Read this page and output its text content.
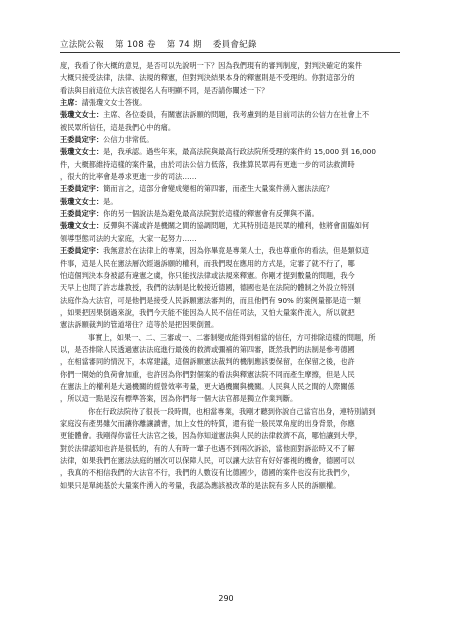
立法院公報 第 108 卷 第 74 期 委員會紀錄
度，我看了你大概的意見，是否可以先說明一下？因為我們現有的審判制度，對判決確定的案件
大概只接受法律，法律、法規的釋憲，但對判決結果本身的釋憲則是不受理的。你對這部分的
看法與目前這位大法官被提名人有明顯不同，是否請你闡述一下？
主席：請張瓊文女士答復。
張瓊文女士：主席、各位委員，有關憲法訴願的問題，我考慮到的是目前司法的公信力在社會上不
被民眾所信任，這是我們心中的痛。
王委員定宇：公信力非常低。
張瓊文女士：是，我承認。過些年來，最高法院與最高行政法院所受理的案件約 15,000 到 16,000
件，大概都維持這樣的案件量，由於司法公信力低落，我推算民眾再有更進一步的司法救濟時
，很大的比率會是尋求更進一步的司法……
王委員定宇：簡而言之，這部分會變成變相的第四審，而產生大量案件湧入憲法法庭？
張瓊文女士：是。
王委員定宇：你的另一個說法是為避免最高法院對於這樣的釋憲會有反彈與不滿。
張瓊文女士：反彈與不滿或許是機關之間的協調問題，尤其特別這是民眾的權利，他將會面臨如何
領導型態司法的大家庭，大家一起努力……
王委員定宇：我無意於在法律上的專業，因為你畢竟是專業人士，我也尊重你的看法，但是類似這
件事，這是人民在憲法層次經過訴願的權利，而我們現在應用的方式是，定審了就不行了，哪
怕這個判決本身被認有違憲之虞，你只能找法律或法規來釋憲。你剛才提到數量的問題，我今
天早上也問了許志雄教授，我們的法制是比較接近德國，德國也是在法院的體制之外設立特別
法庭作為大法官，可是他們是接受人民訴願憲法審判的，而且他們有 90% 的案例量都是這一類
，如果把因果倒過來說，我們今天能不能因為人民不信任司法，又怕大量案件流入，所以就把
憲法訴願裁判的管道堵住？這等於是把因果倒置。
事實上，如果一、二、三審或一、二審制變成能得到相當的信任，方可排除這樣的問題，所
以，是否排除人民透過憲法法庭進行最後的救濟或彌補的第四審，既然我們的法制是參考德國
，在相當審同的情況下，本席建議，這個訴願憲法裁判的機制應該要保留，在保留之後，也許
你們一開始的負荷會加重，也許因為你們對個案的看法與釋憲法院不同而產生摩擦，但是人民
在憲法上的權利是大過機關的經營效率考量，更大過機關與機關。人民與人民之間的人際關係
，所以這一點是沒有標準答案，因為你們每一個大法官都是獨立作業判斷。
你在行政法院待了很長一段時間，也相當專業，我剛才聽到你說自己當官出身，連特別請到
家庭沒有產男雖欠而讓你離讓讀書，加上女性的特質，還有從一般民眾角度的出身背景，你應
更能體會。我剛得你當任大法官之後，因為你知道憲法與人民的法律救濟不高，哪怕讓到大學，
對於法律認知也許是很低的，有的人有時一輩子也遇不到兩次訴訟，當他面對訴訟時又不了解
法律，如果我們在憲法法庭的層次可以保障人民，可以讓大法官有好好審視的機會，德國可以
，我真的不相信我們的大法官不行，我們的人數沒有比德國少，德國的案件也沒有比我們少，
如果只是單純基於大量案件湧入的考量，我認為應該被改革的是法院有多人民的訴願權。
290
